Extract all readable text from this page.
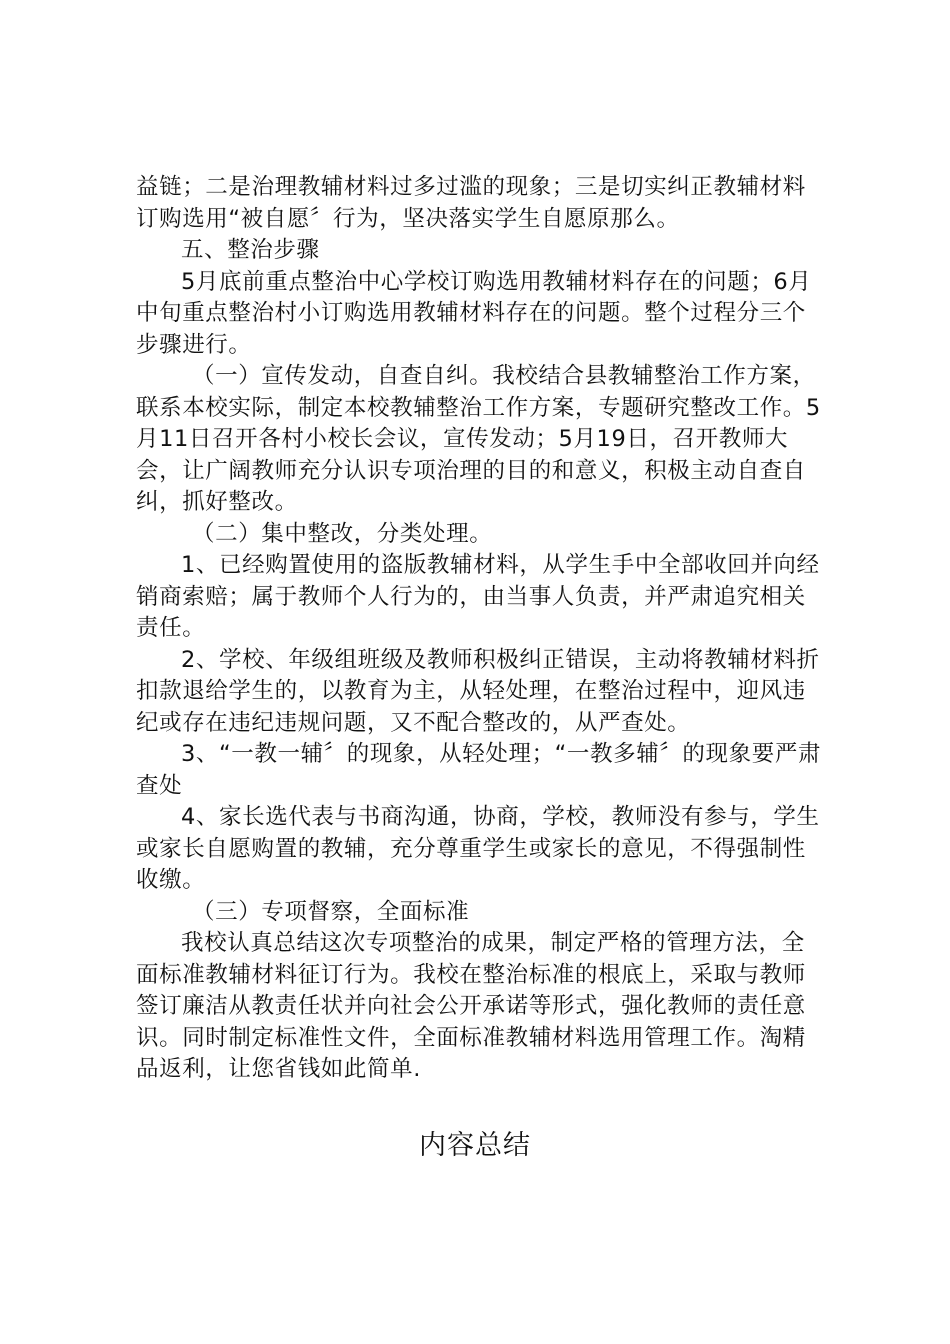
益链；二是治理教辅材料过多过滥的现象；三是切实纠正教辅材料订购选用“被自愿〞行为，坚决落实学生自愿原那么。

五、整治步骤

5月底前重点整治中心学校订购选用教辅材料存在的问题；6月中旬重点整治村小订购选用教辅材料存在的问题。整个过程分三个步骤进行。

（一）宣传发动，自查自纠。我校结合县教辅整治工作方案，联系本校实际，制定本校教辅整治工作方案，专题研究整改工作。5月11日召开各村小校长会议，宣传发动；5月19日，召开教师大会，让广阔教师充分认识专项治理的目的和意义，积极主动自查自纠，抓好整改。

（二）集中整改，分类处理。

1、已经购置使用的盗版教辅材料，从学生手中全部收回并向经销商索赔；属于教师个人行为的，由当事人负责，并严肃追究相关责任。

2、学校、年级组班级及教师积极纠正错误，主动将教辅材料折扣款退给学生的，以教育为主，从轻处理，在整治过程中，迎风违纪或存在违纪违规问题，又不配合整改的，从严查处。

3、“一教一辅〞的现象，从轻处理；“一教多辅〞的现象要严肃查处

4、家长选代表与书商沟通，协商，学校，教师没有参与，学生或家长自愿购置的教辅，充分尊重学生或家长的意见，不得强制性收缴。

（三）专项督察，全面标准

我校认真总结这次专项整治的成果，制定严格的管理方法，全面标准教辅材料征订行为。我校在整治标准的根底上，采取与教师签订廉洁从教责任状并向社会公开承诺等形式，强化教师的责任意识。同时制定标准性文件，全面标准教辅材料选用管理工作。淘精品返利，让您省钱如此简单.

内容总结
